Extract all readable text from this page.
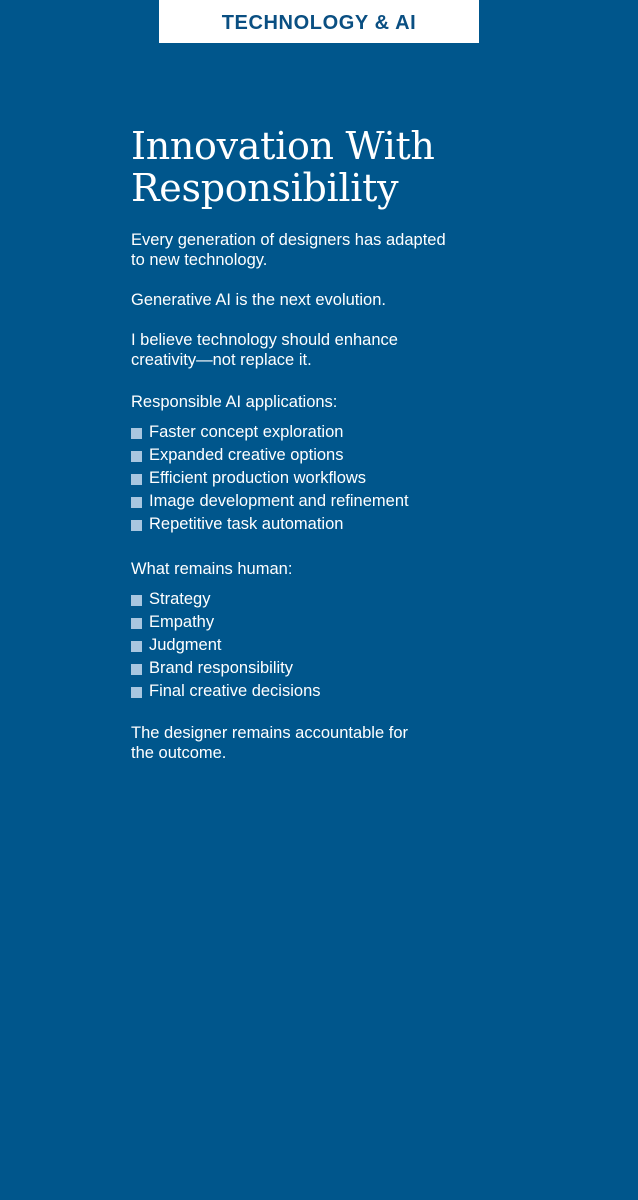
TECHNOLOGY & AI
Innovation With
Responsibility

Every generation of designers has adapted
to new technology.

Generative AI is the next evolution.

I believe technology should enhance
creativity—not replace it.

Responsible AI applications:

Faster concept exploration
Expanded creative options
Efficient production workflows
Image development and refinement
Repetitive task automation

What remains human:

Strategy
Empathy
Judgment
Brand responsibility
Final creative decisions

The designer remains accountable for
the outcome.
